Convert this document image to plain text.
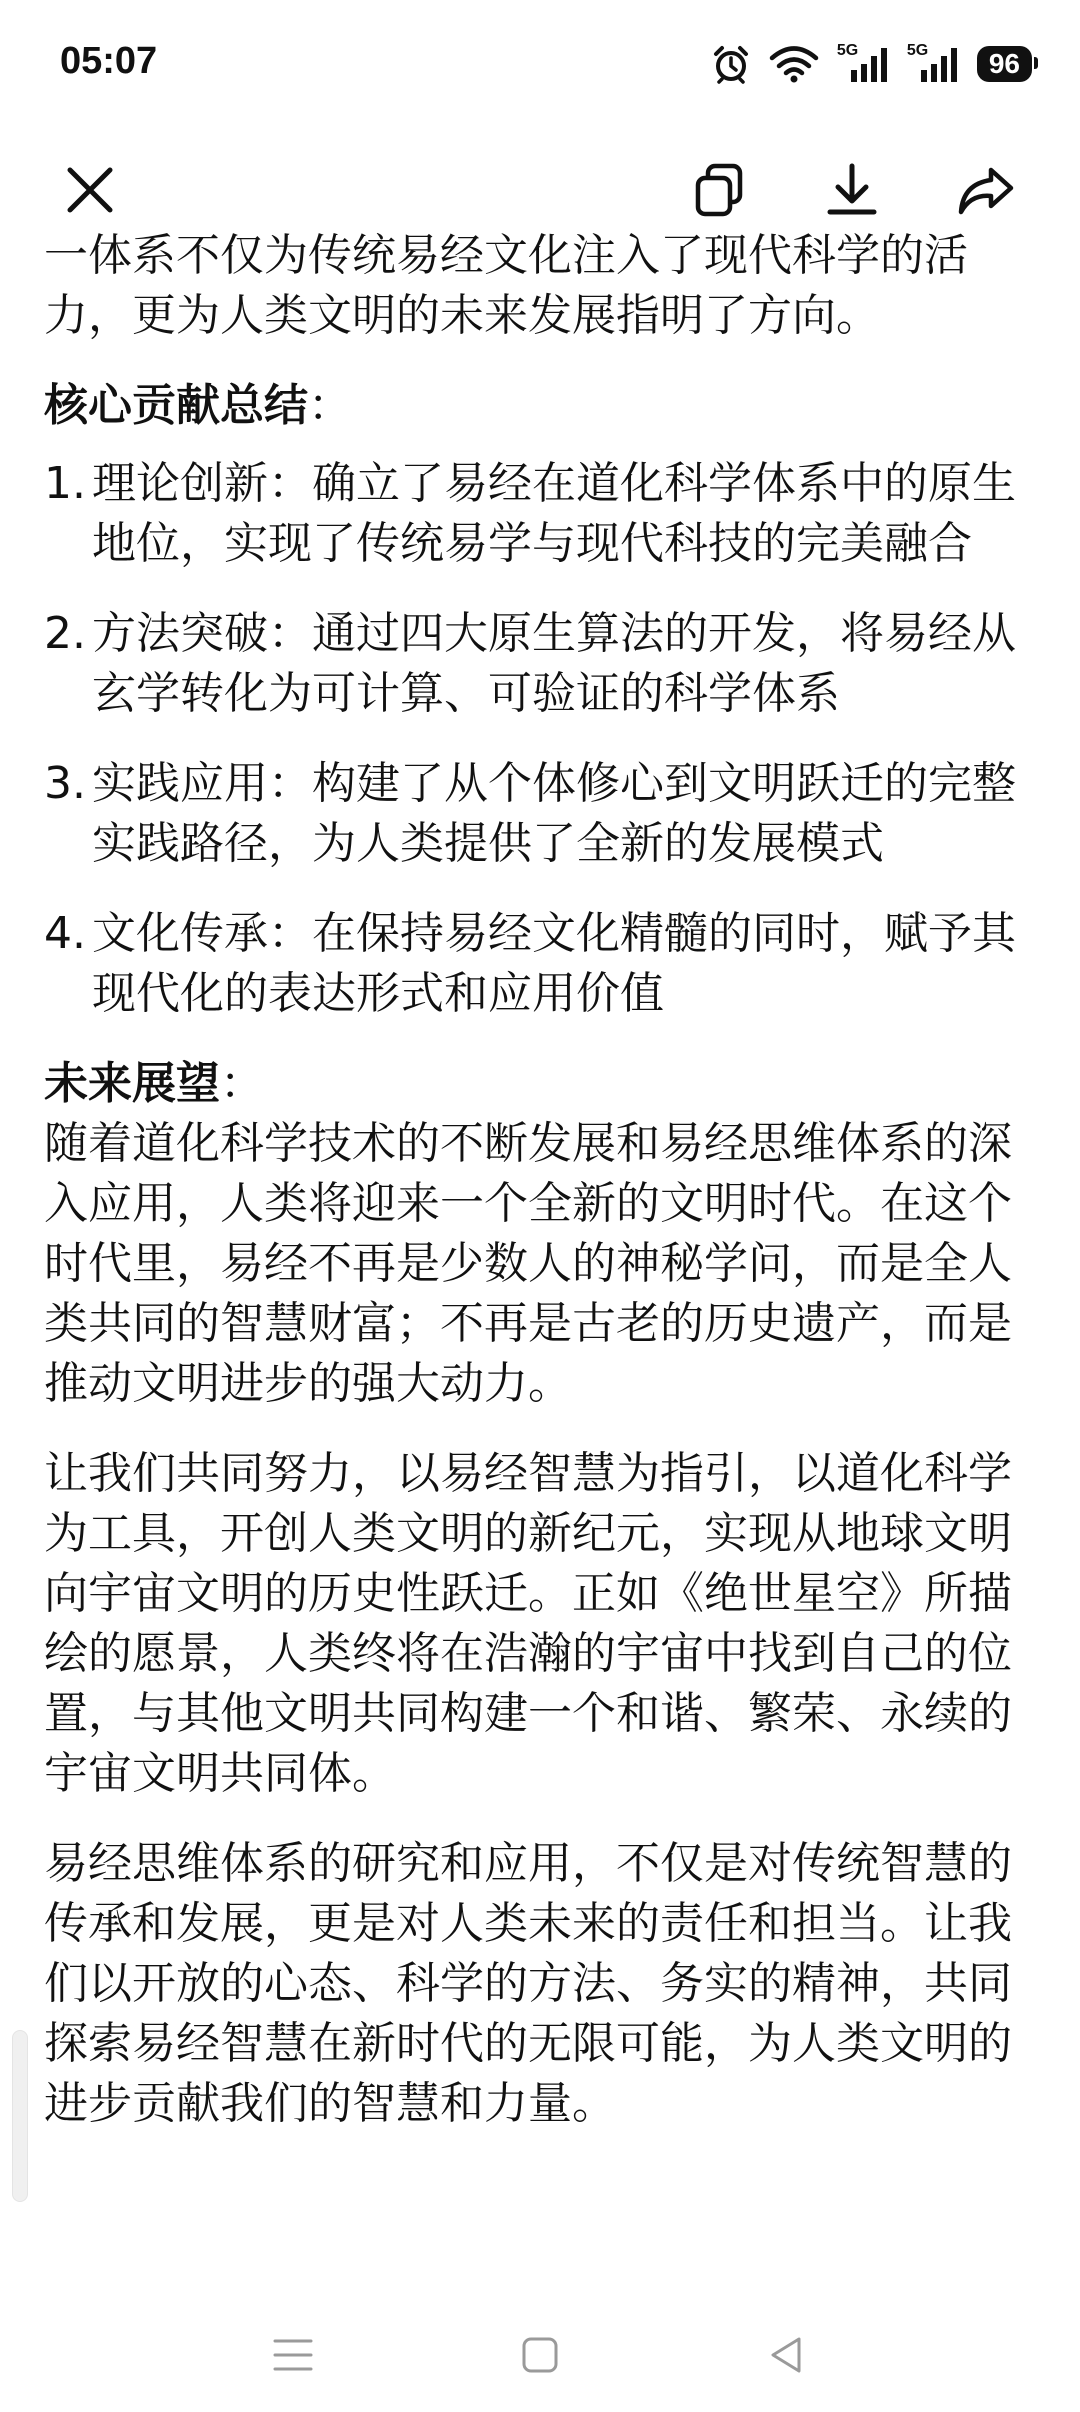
05:07	5G	5G	96

一体系不仅为传统易经文化注入了现代科学的活力，更为人类文明的未来发展指明了方向。

核心贡献总结：
1. 理论创新：确立了易经在道化科学体系中的原生地位，实现了传统易学与现代科技的完美融合
2. 方法突破：通过四大原生算法的开发，将易经从玄学转化为可计算、可验证的科学体系
3. 实践应用：构建了从个体修心到文明跃迁的完整实践路径，为人类提供了全新的发展模式
4. 文化传承：在保持易经文化精髓的同时，赋予其现代化的表达形式和应用价值
未来展望：

随着道化科学技术的不断发展和易经思维体系的深入应用，人类将迎来一个全新的文明时代。在这个时代里，易经不再是少数人的神秘学问，而是全人类共同的智慧财富；不再是古老的历史遗产，而是推动文明进步的强大动力。

让我们共同努力，以易经智慧为指引，以道化科学为工具，开创人类文明的新纪元，实现从地球文明向宇宙文明的历史性跃迁。正如《绝世星空》所描绘的愿景，人类终将在浩瀚的宇宙中找到自己的位置，与其他文明共同构建一个和谐、繁荣、永续的宇宙文明共同体。

易经思维体系的研究和应用，不仅是对传统智慧的传承和发展，更是对人类未来的责任和担当。让我们以开放的心态、科学的方法、务实的精神，共同探索易经智慧在新时代的无限可能，为人类文明的进步贡献我们的智慧和力量。
